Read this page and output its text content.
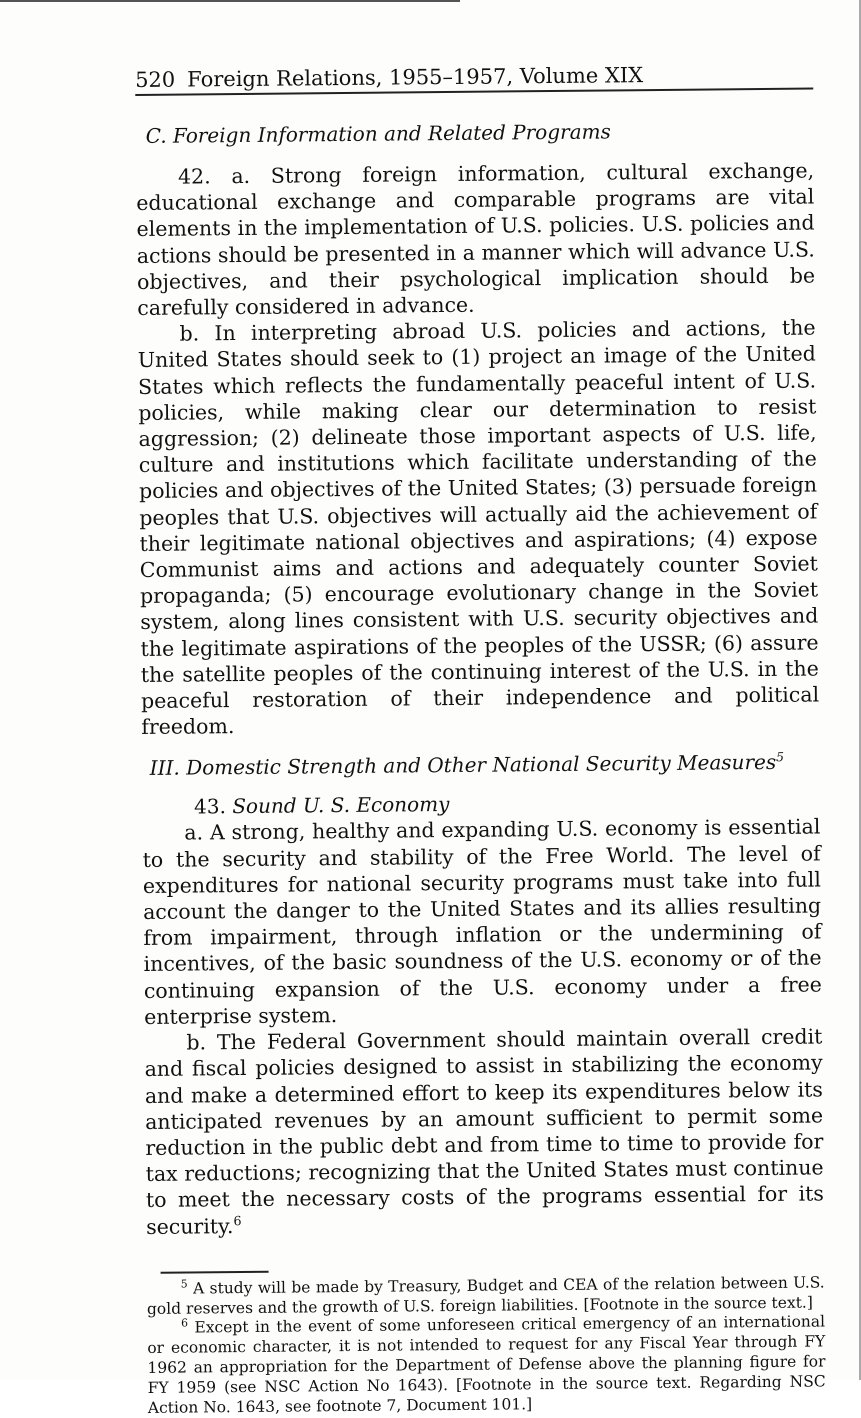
520 Foreign Relations, 1955–1957, Volume XIX
C. Foreign Information and Related Programs

42. a. Strong foreign information, cultural exchange, educational exchange and comparable programs are vital elements in the implementation of U.S. policies. U.S. policies and actions should be presented in a manner which will advance U.S. objectives, and their psychological implication should be carefully considered in advance.

b. In interpreting abroad U.S. policies and actions, the United States should seek to (1) project an image of the United States which reflects the fundamentally peaceful intent of U.S. policies, while making clear our determination to resist aggression; (2) delineate those important aspects of U.S. life, culture and institutions which facilitate understanding of the policies and objectives of the United States; (3) persuade foreign peoples that U.S. objectives will actually aid the achievement of their legitimate national objectives and aspirations; (4) expose Communist aims and actions and adequately counter Soviet propaganda; (5) encourage evolutionary change in the Soviet system, along lines consistent with U.S. security objectives and the legitimate aspirations of the peoples of the USSR; (6) assure the satellite peoples of the continuing interest of the U.S. in the peaceful restoration of their independence and political freedom.

III. Domestic Strength and Other National Security Measures$^5$
43. Sound U. S. Economy

a. A strong, healthy and expanding U.S. economy is essential to the security and stability of the Free World. The level of expenditures for national security programs must take into full account the danger to the United States and its allies resulting from impairment, through inflation or the undermining of incentives, of the basic soundness of the U.S. economy or of the continuing expansion of the U.S. economy under a free enterprise system.

b. The Federal Government should maintain overall credit and fiscal policies designed to assist in stabilizing the economy and make a determined effort to keep its expenditures below its anticipated revenues by an amount sufficient to permit some reduction in the public debt and from time to time to provide for tax reductions; recognizing that the United States must continue to meet the necessary costs of the programs essential for its security.$^6$

$^5$ A study will be made by Treasury, Budget and CEA of the relation between U.S. gold reserves and the growth of U.S. foreign liabilities. [Footnote in the source text.]

$^6$ Except in the event of some unforeseen critical emergency of an international or economic character, it is not intended to request for any Fiscal Year through FY 1962 an appropriation for the Department of Defense above the planning figure for FY 1959 (see NSC Action No 1643). [Footnote in the source text. Regarding NSC Action No. 1643, see footnote 7, Document 101.]
